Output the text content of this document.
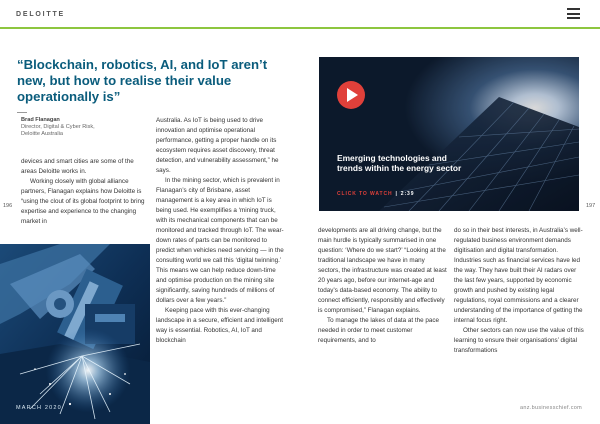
DELOITTE
“Blockchain, robotics, AI, and IoT aren’t new, but how to realise their value operationally is”
Brad Flanagan
Director, Digital & Cyber Risk,
Deloitte Australia

devices and smart cities are some of the areas Deloitte works in.

Working closely with global alliance partners, Flanagan explains how Deloitte is “using the clout of its global footprint to bring expertise and experience to the changing market in

Australia. As IoT is being used to drive innovation and optimise operational performance, getting a proper handle on its ecosystem requires asset discovery, threat detection, and vulnerability assessment,” he says.

In the mining sector, which is prevalent in Flanagan’s city of Brisbane, asset management is a key area in which IoT is being used. He exemplifies a ‘mining truck, with its mechanical components that can be monitored and tracked through IoT. The wear-down rates of parts can be monitored to predict when vehicles need servicing — in the consulting world we call this ‘digital twinning.’ This means we can help reduce down-time and optimise production on the mining site significantly, saving hundreds of millions of dollars over a few years.”

Keeping pace with this ever-changing landscape in a secure, efficient and intelligent way is essential. Robotics, AI, IoT and blockchain

developments are all driving change, but the main hurdle is typically summarised in one question: ‘Where do we start?’ “Looking at the traditional landscape we have in many sectors, the infrastructure was created at least 20 years ago, before our internet-age and today’s data-based economy. The ability to connect efficiently, responsibly and effectively is compromised,” Flanagan explains.

To manage the lakes of data at the pace needed in order to meet customer requirements, and to

do so in their best interests, in Australia’s well-regulated business environment demands digitisation and digital transformation. Industries such as financial services have led the way. They have built their AI radars over the last few years, supported by economic growth and pushed by existing legal regulations, royal commissions and a clearer understanding of the importance of getting the internal focus right.

Other sectors can now use the value of this learning to ensure their organisations’ digital transformations

196	197
MARCH 2020
Emerging technologies and trends within the energy sector
CLICK TO WATCH | 2:39
anz.businesschief.com
